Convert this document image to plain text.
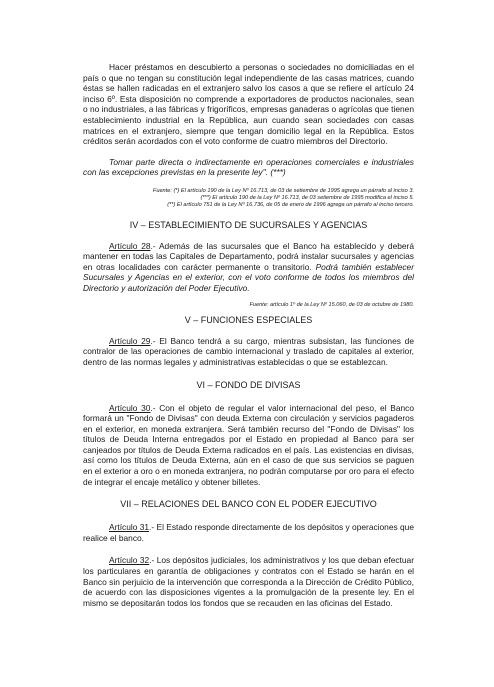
Hacer préstamos en descubierto a personas o sociedades no domiciliadas en el país o que no tengan su constitución legal independiente de las casas matrices, cuando éstas se hallen radicadas en el extranjero salvo los casos a que se refiere el artículo 24 inciso 6º. Esta disposición no comprende a exportadores de productos nacionales, sean o no industriales, a las fábricas y frigoríficos, empresas ganaderas o agrícolas que tienen establecimiento industrial en la República, aun cuando sean sociedades con casas matrices en el extranjero, siempre que tengan domicilio legal en la República. Estos créditos serán acordados con el voto conforme de cuatro miembros del Directorio.

Tomar parte directa o indirectamente en operaciones comerciales e industriales con las excepciones previstas en la presente ley". (***)

Fuente: (*) El artículo 190 de la Ley Nº 16.713, de 03 de setiembre de 1995 agrega un párrafo al inciso 3.

(***) El artículo 190 de la Ley Nº 16.713, de 03 setiembre de 1995 modifica el inciso 5.

(**) El artículo 751 de la Ley Nº 16.736, de 05 de enero de 1996 agrega un párrafo al inciso tercero.

IV – ESTABLECIMIENTO DE SUCURSALES Y AGENCIAS

Artículo 28.- Además de las sucursales que el Banco ha establecido y deberá mantener en todas las Capitales de Departamento, podrá instalar sucursales y agencias en otras localidades con carácter permanente o transitorio. Podrá también establecer Sucursales y Agencias en el exterior, con el voto conforme de todos los miembros del Directorio y autorización del Poder Ejecutivo.

Fuente: artículo 1º de la Ley Nº 15.060, de 03 de octubre de 1980.

V – FUNCIONES ESPECIALES

Artículo 29.- El Banco tendrá a su cargo, mientras subsistan, las funciones de contralor de las operaciones de cambio internacional y traslado de capitales al exterior, dentro de las normas legales y administrativas establecidas o que se establezcan.

VI – FONDO DE DIVISAS

Artículo 30.- Con el objeto de regular el valor internacional del peso, el Banco formará un "Fondo de Divisas" con deuda Externa con circulación y servicios pagaderos en el exterior, en moneda extranjera. Será también recurso del "Fondo de Divisas" los títulos de Deuda Interna entregados por el Estado en propiedad al Banco para ser canjeados por títulos de Deuda Externa radicados en el país. Las existencias en divisas, así como los títulos de Deuda Externa, aún en el caso de que sus servicios se paguen en el exterior a oro o en moneda extranjera, no podrán computarse por oro para el efecto de integrar el encaje metálico y obtener billetes.

VII – RELACIONES DEL BANCO CON EL PODER EJECUTIVO

Artículo 31.- El Estado responde directamente de los depósitos y operaciones que realice el banco.

Artículo 32.- Los depósitos judiciales, los administrativos y los que deban efectuar los particulares en garantía de obligaciones y contratos con el Estado se harán en el Banco sin perjuicio de la intervención que corresponda a la Dirección de Crédito Público, de acuerdo con las disposiciones vigentes a la promulgación de la presente ley. En el mismo se depositarán todos los fondos que se recauden en las oficinas del Estado.
